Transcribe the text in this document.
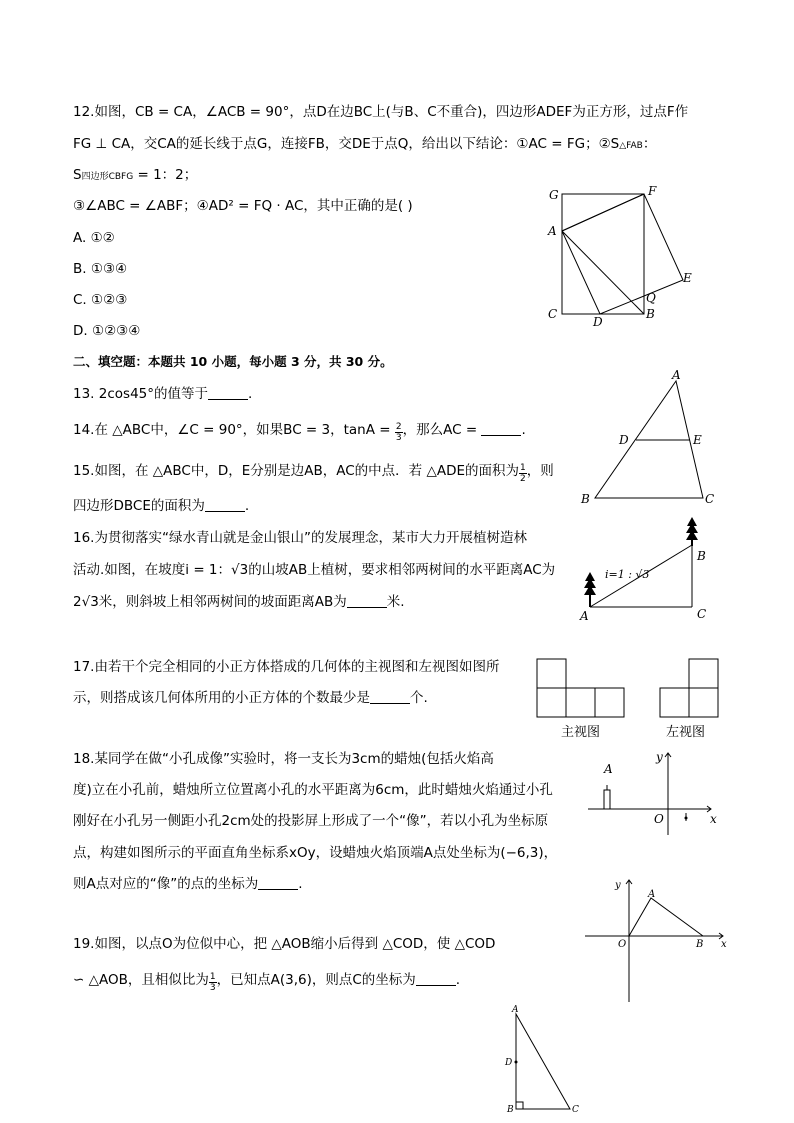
12.如图，CB = CA，∠ACB = 90°，点D在边BC上(与B、C不重合)，四边形ADEF为正方形，过点F作
FG ⊥ CA，交CA的延长线于点G，连接FB，交DE于点Q，给出以下结论：①AC = FG；②S△FAB：
S四边形CBFG = 1：2；
③∠ABC = ∠ABF；④AD² = FQ · AC，其中正确的是( )
A. ①②
B. ①③④
C. ①②③
D. ①②③④
G	F
A
E
Q
C
D
B
二、填空题：本题共 10 小题，每小题 3 分，共 30 分。
13. 2cos45°的值等于	.
14.在 △ABC中，∠C = 90°，如果BC = 3，$\tan A = \frac{2}{3}$ ，那么AC =	.
15.如图，在 △ABC中，D，E分别是边AB，AC的中点．若 △ADE的面积为 $\frac{1}{2}$ ，则
四边形DBCE的面积为	.
A
D	E
B	C
16.为贯彻落实“绿水青山就是金山银山”的发展理念，某市大力开展植树造林
活动.如图，在坡度i = 1：√3的山坡AB上植树，要求相邻两树间的水平距离AC为
2√3米，则斜坡上相邻两树间的坡面距离AB为	米.
i=1 : √3
A
B
C
17.由若干个完全相同的小正方体搭成的几何体的主视图和左视图如图所
示，则搭成该几何体所用的小正方体的个数最少是	个.
主视图	左视图
18.某同学在做“小孔成像”实验时，将一支长为3cm的蜡烛(包括火焰高
度)立在小孔前，蜡烛所立位置离小孔的水平距离为6cm，此时蜡烛火焰通过小孔
刚好在小孔另一侧距小孔2cm处的投影屏上形成了一个“像”，若以小孔为坐标原
点，构建如图所示的平面直角坐标系xOy，设蜡烛火焰顶端A点处坐标为(−6,3)，
则A点对应的“像”的点的坐标为	.
A
y
O	x
19.如图，以点O为位似中心，把 △AOB缩小后得到 △COD，使 △COD
∽ △AOB，且相似比为 $\frac{1}{3}$ ，已知点A(3,6)，则点C的坐标为	.
y
A
O	B x
A
D
B	C
